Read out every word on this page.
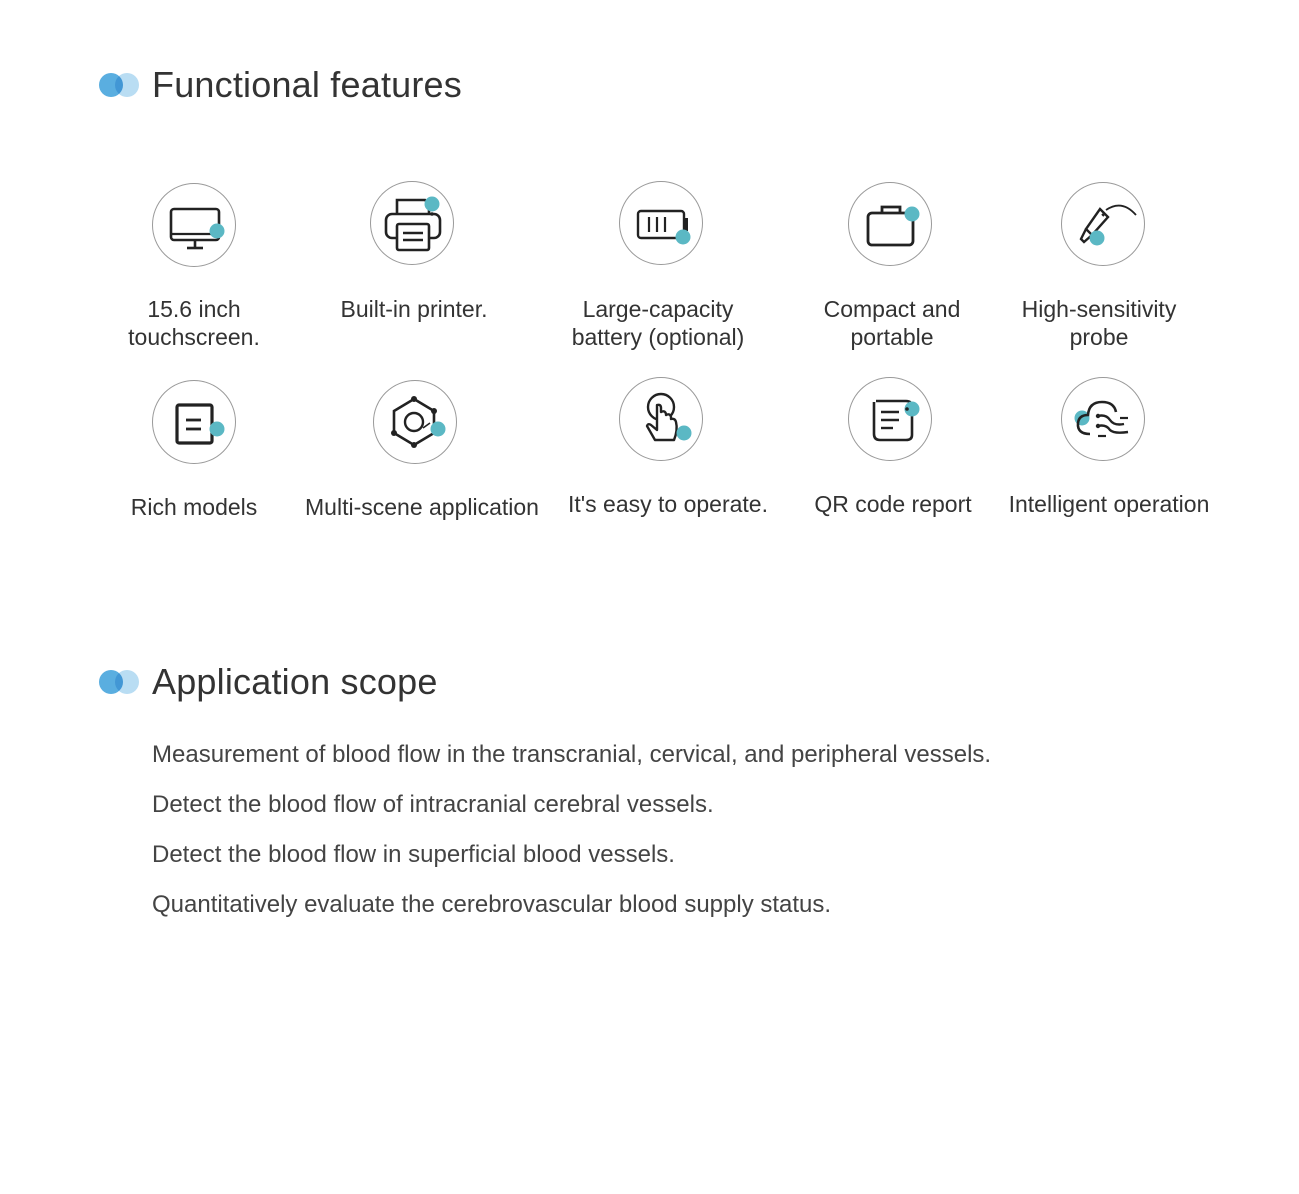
Functional features
15.6 inch
touchscreen.
Built-in printer.	Large-capacity
battery (optional)
Compact and
portable
High-sensitivity
probe
Rich models	Multi-scene application	It's easy to operate.	QR code report	Intelligent operation
Application scope
Measurement of blood flow in the transcranial, cervical, and peripheral vessels.
Detect the blood flow of intracranial cerebral vessels.
Detect the blood flow in superficial blood vessels.
Quantitatively evaluate the cerebrovascular blood supply status.
